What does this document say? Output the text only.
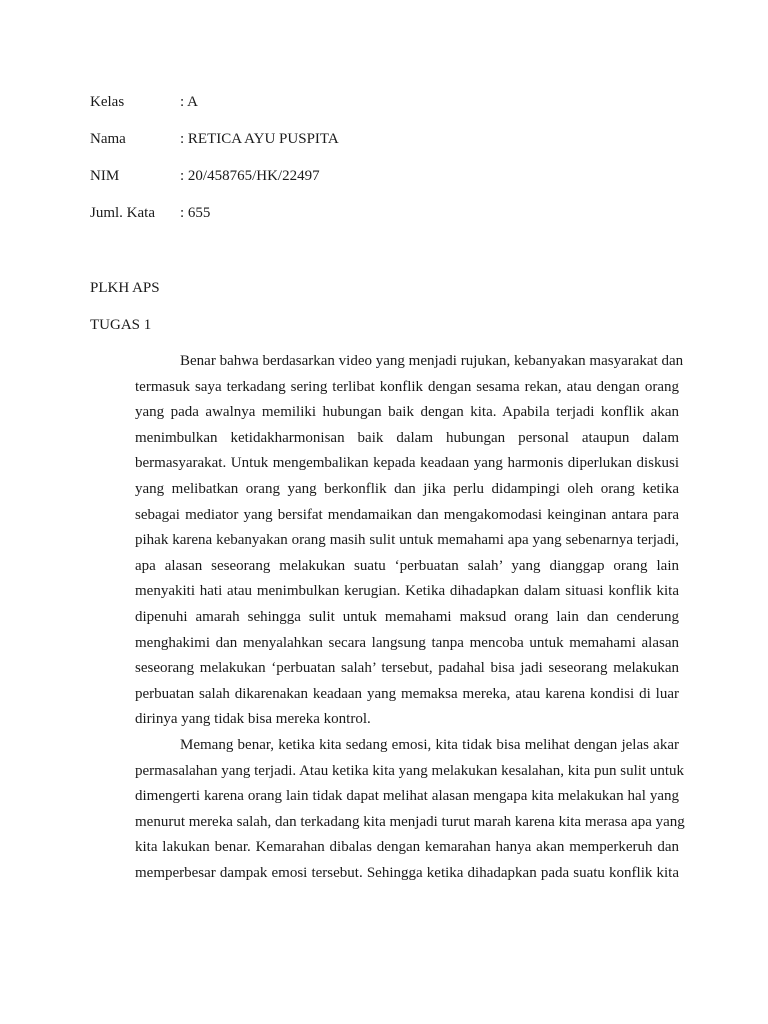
Kelas	: A
Nama	: RETICA AYU PUSPITA
NIM	: 20/458765/HK/22497
Juml. Kata : 655
PLKH APS
TUGAS 1

Benar bahwa berdasarkan video yang menjadi rujukan, kebanyakan masyarakat dan
termasuk saya terkadang sering terlibat konflik dengan sesama rekan, atau dengan orang
yang pada awalnya memiliki hubungan baik dengan kita. Apabila terjadi konflik akan
menimbulkan ketidakharmonisan baik dalam hubungan personal ataupun dalam
bermasyarakat. Untuk mengembalikan kepada keadaan yang harmonis diperlukan diskusi
yang melibatkan orang yang berkonflik dan jika perlu didampingi oleh orang ketika
sebagai mediator yang bersifat mendamaikan dan mengakomodasi keinginan antara para
pihak karena kebanyakan orang masih sulit untuk memahami apa yang sebenarnya terjadi,
apa alasan seseorang melakukan suatu ‘perbuatan salah’ yang dianggap orang lain
menyakiti hati atau menimbulkan kerugian. Ketika dihadapkan dalam situasi konflik kita
dipenuhi amarah sehingga sulit untuk memahami maksud orang lain dan cenderung
menghakimi dan menyalahkan secara langsung tanpa mencoba untuk memahami alasan
seseorang melakukan ‘perbuatan salah’ tersebut, padahal bisa jadi seseorang melakukan
perbuatan salah dikarenakan keadaan yang memaksa mereka, atau karena kondisi di luar
dirinya yang tidak bisa mereka kontrol.

Memang benar, ketika kita sedang emosi, kita tidak bisa melihat dengan jelas akar
permasalahan yang terjadi. Atau ketika kita yang melakukan kesalahan, kita pun sulit untuk
dimengerti karena orang lain tidak dapat melihat alasan mengapa kita melakukan hal yang
menurut mereka salah, dan terkadang kita menjadi turut marah karena kita merasa apa yang
kita lakukan benar. Kemarahan dibalas dengan kemarahan hanya akan memperkeruh dan
memperbesar dampak emosi tersebut. Sehingga ketika dihadapkan pada suatu konflik kita
